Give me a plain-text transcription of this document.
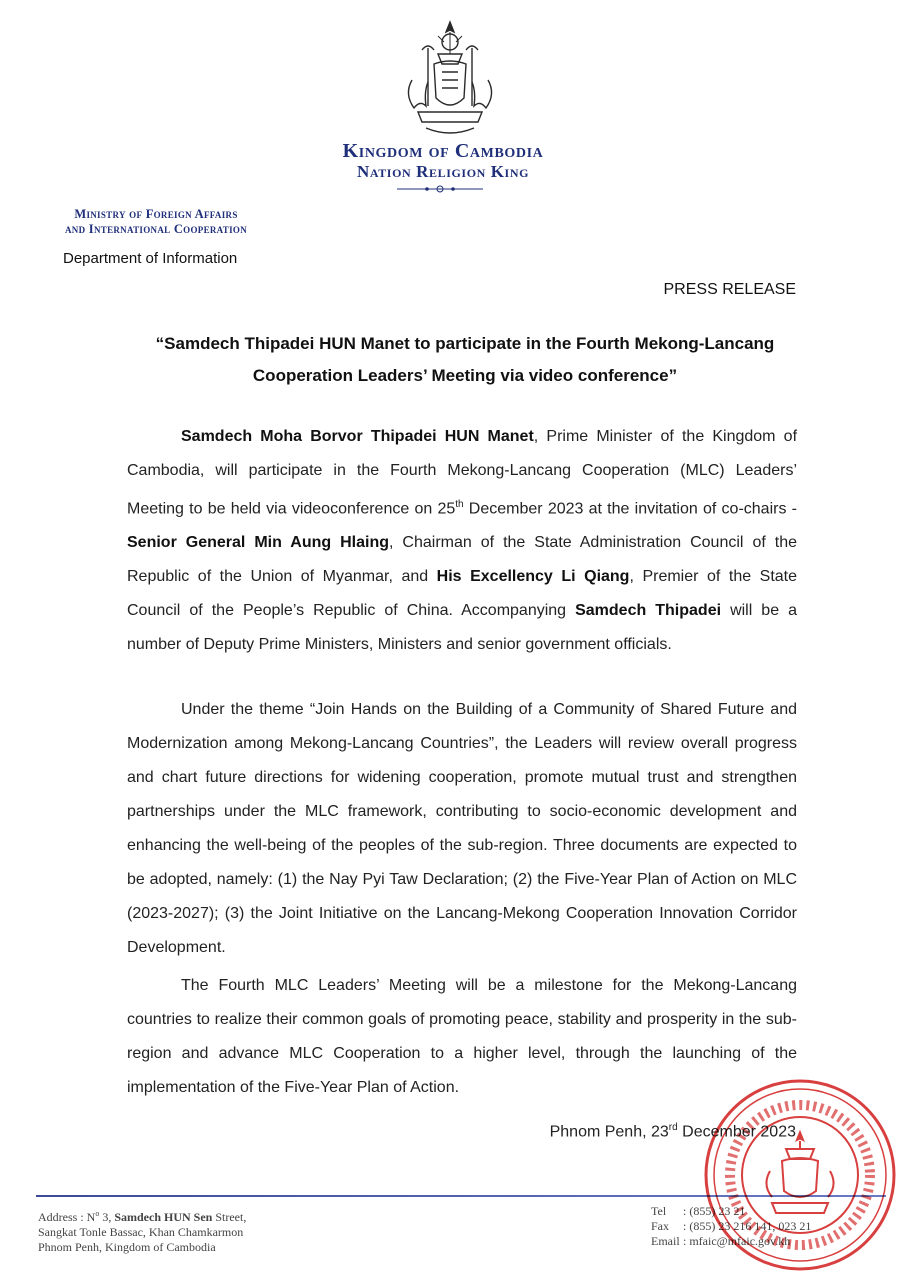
Kingdom of Cambodia
Nation Religion King
Ministry of Foreign Affairs
and International Cooperation
Department of Information
PRESS RELEASE
“Samdech Thipadei HUN Manet to participate in the Fourth Mekong-Lancang
Cooperation Leaders’ Meeting via video conference”

Samdech Moha Borvor Thipadei HUN Manet, Prime Minister of the Kingdom of Cambodia, will participate in the Fourth Mekong-Lancang Cooperation (MLC) Leaders’ Meeting to be held via videoconference on 25th December 2023 at the invitation of co-chairs - Senior General Min Aung Hlaing, Chairman of the State Administration Council of the Republic of the Union of Myanmar, and His Excellency Li Qiang, Premier of the State Council of the People’s Republic of China. Accompanying Samdech Thipadei will be a number of Deputy Prime Ministers, Ministers and senior government officials.

Under the theme “Join Hands on the Building of a Community of Shared Future and Modernization among Mekong-Lancang Countries”, the Leaders will review overall progress and chart future directions for widening cooperation, promote mutual trust and strengthen partnerships under the MLC framework, contributing to socio-economic development and enhancing the well-being of the peoples of the sub-region. Three documents are expected to be adopted, namely: (1) the Nay Pyi Taw Declaration; (2) the Five-Year Plan of Action on MLC (2023-2027); (3) the Joint Initiative on the Lancang-Mekong Cooperation Innovation Corridor Development.

The Fourth MLC Leaders’ Meeting will be a milestone for the Mekong-Lancang countries to realize their common goals of promoting peace, stability and prosperity in the sub-region and advance MLC Cooperation to a higher level, through the launching of the implementation of the Five-Year Plan of Action.

Phnom Penh, 23rd December 2023
Address : $N^o$ 3, Samdech HUN Sen Street,
Sangkat Tonle Bassac, Khan Chamkarmon
Phnom Penh, Kingdom of Cambodia
Tel : (855) 23 21
Fax : (855) 23 216 141, 023 21
Email : mfaic@mfaic.gov.kh
